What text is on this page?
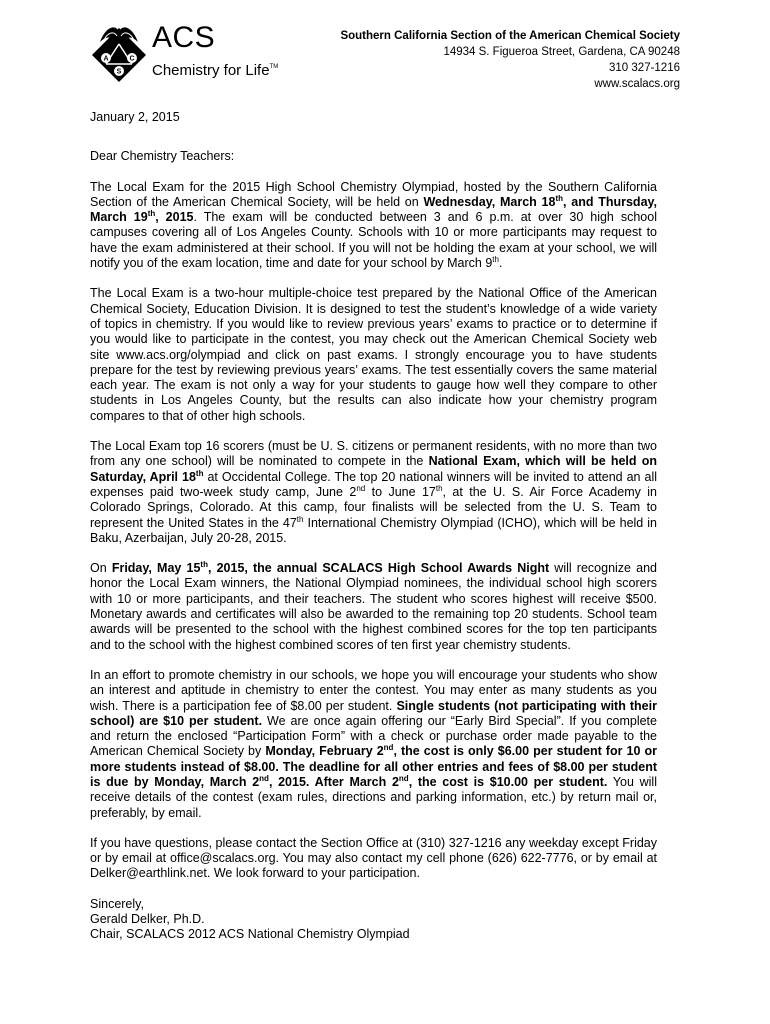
A	C
S
ACS
Chemistry for Life™
Southern California Section of the American Chemical Society
14934 S. Figueroa Street, Gardena, CA 90248
310 327-1216
www.scalacs.org

January 2, 2015

Dear Chemistry Teachers:

The Local Exam for the 2015 High School Chemistry Olympiad, hosted by the Southern California Section of the American Chemical Society, will be held on Wednesday, March 18th, and Thursday, March 19th, 2015. The exam will be conducted between 3 and 6 p.m. at over 30 high school campuses covering all of Los Angeles County. Schools with 10 or more participants may request to have the exam administered at their school. If you will not be holding the exam at your school, we will notify you of the exam location, time and date for your school by March 9th.

The Local Exam is a two-hour multiple-choice test prepared by the National Office of the American Chemical Society, Education Division. It is designed to test the student’s knowledge of a wide variety of topics in chemistry. If you would like to review previous years’ exams to practice or to determine if you would like to participate in the contest, you may check out the American Chemical Society web site www.acs.org/olympiad and click on past exams. I strongly encourage you to have students prepare for the test by reviewing previous years’ exams. The test essentially covers the same material each year. The exam is not only a way for your students to gauge how well they compare to other students in Los Angeles County, but the results can also indicate how your chemistry program compares to that of other high schools.

The Local Exam top 16 scorers (must be U. S. citizens or permanent residents, with no more than two from any one school) will be nominated to compete in the National Exam, which will be held on Saturday, April 18th at Occidental College. The top 20 national winners will be invited to attend an all expenses paid two-week study camp, June 2nd to June 17th, at the U. S. Air Force Academy in Colorado Springs, Colorado. At this camp, four finalists will be selected from the U. S. Team to represent the United States in the 47th International Chemistry Olympiad (ICHO), which will be held in Baku, Azerbaijan, July 20-28, 2015.

On Friday, May 15th, 2015, the annual SCALACS High School Awards Night will recognize and honor the Local Exam winners, the National Olympiad nominees, the individual school high scorers with 10 or more participants, and their teachers. The student who scores highest will receive $500. Monetary awards and certificates will also be awarded to the remaining top 20 students. School team awards will be presented to the school with the highest combined scores for the top ten participants and to the school with the highest combined scores of ten first year chemistry students.

In an effort to promote chemistry in our schools, we hope you will encourage your students who show an interest and aptitude in chemistry to enter the contest. You may enter as many students as you wish. There is a participation fee of $8.00 per student. Single students (not participating with their school) are $10 per student. We are once again offering our “Early Bird Special”. If you complete and return the enclosed “Participation Form” with a check or purchase order made payable to the American Chemical Society by Monday, February 2nd, the cost is only $6.00 per student for 10 or more students instead of $8.00. The deadline for all other entries and fees of $8.00 per student is due by Monday, March 2nd, 2015. After March 2nd, the cost is $10.00 per student. You will receive details of the contest (exam rules, directions and parking information, etc.) by return mail or, preferably, by email.

If you have questions, please contact the Section Office at (310) 327-1216 any weekday except Friday or by email at office@scalacs.org. You may also contact my cell phone (626) 622-7776, or by email at Delker@earthlink.net. We look forward to your participation.

Sincerely,
Gerald Delker, Ph.D.
Chair, SCALACS 2012 ACS National Chemistry Olympiad
